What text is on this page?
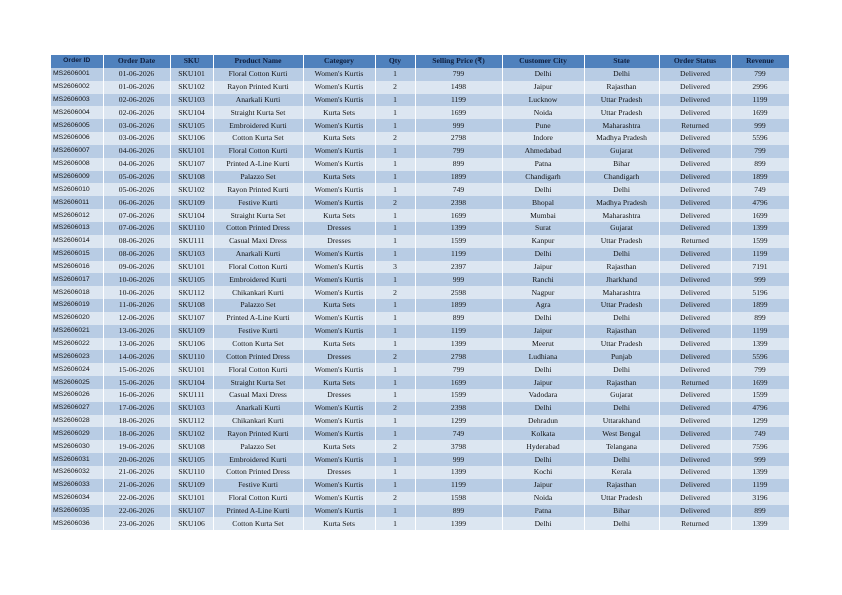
Order ID	Order Date	SKU	Product Name	Category	Qty	Selling Price (₹)	Customer City	State	Order Status	Revenue
MS2606001	01-06-2026	SKU101	Floral Cotton Kurti	Women's Kurtis	1	799	Delhi	Delhi	Delivered	799
MS2606002	01-06-2026	SKU102	Rayon Printed Kurti	Women's Kurtis	2	1498	Jaipur	Rajasthan	Delivered	2996
MS2606003	02-06-2026	SKU103	Anarkali Kurti	Women's Kurtis	1	1199	Lucknow	Uttar Pradesh	Delivered	1199
MS2606004	02-06-2026	SKU104	Straight Kurta Set	Kurta Sets	1	1699	Noida	Uttar Pradesh	Delivered	1699
MS2606005	03-06-2026	SKU105	Embroidered Kurti	Women's Kurtis	1	999	Pune	Maharashtra	Returned	999
MS2606006	03-06-2026	SKU106	Cotton Kurta Set	Kurta Sets	2	2798	Indore	Madhya Pradesh	Delivered	5596
MS2606007	04-06-2026	SKU101	Floral Cotton Kurti	Women's Kurtis	1	799	Ahmedabad	Gujarat	Delivered	799
MS2606008	04-06-2026	SKU107	Printed A-Line Kurti	Women's Kurtis	1	899	Patna	Bihar	Delivered	899
MS2606009	05-06-2026	SKU108	Palazzo Set	Kurta Sets	1	1899	Chandigarh	Chandigarh	Delivered	1899
MS2606010	05-06-2026	SKU102	Rayon Printed Kurti	Women's Kurtis	1	749	Delhi	Delhi	Delivered	749
MS2606011	06-06-2026	SKU109	Festive Kurti	Women's Kurtis	2	2398	Bhopal	Madhya Pradesh	Delivered	4796
MS2606012	07-06-2026	SKU104	Straight Kurta Set	Kurta Sets	1	1699	Mumbai	Maharashtra	Delivered	1699
MS2606013	07-06-2026	SKU110	Cotton Printed Dress	Dresses	1	1399	Surat	Gujarat	Delivered	1399
MS2606014	08-06-2026	SKU111	Casual Maxi Dress	Dresses	1	1599	Kanpur	Uttar Pradesh	Returned	1599
MS2606015	08-06-2026	SKU103	Anarkali Kurti	Women's Kurtis	1	1199	Delhi	Delhi	Delivered	1199
MS2606016	09-06-2026	SKU101	Floral Cotton Kurti	Women's Kurtis	3	2397	Jaipur	Rajasthan	Delivered	7191
MS2606017	10-06-2026	SKU105	Embroidered Kurti	Women's Kurtis	1	999	Ranchi	Jharkhand	Delivered	999
MS2606018	10-06-2026	SKU112	Chikankari Kurti	Women's Kurtis	2	2598	Nagpur	Maharashtra	Delivered	5196
MS2606019	11-06-2026	SKU108	Palazzo Set	Kurta Sets	1	1899	Agra	Uttar Pradesh	Delivered	1899
MS2606020	12-06-2026	SKU107	Printed A-Line Kurti	Women's Kurtis	1	899	Delhi	Delhi	Delivered	899
MS2606021	13-06-2026	SKU109	Festive Kurti	Women's Kurtis	1	1199	Jaipur	Rajasthan	Delivered	1199
MS2606022	13-06-2026	SKU106	Cotton Kurta Set	Kurta Sets	1	1399	Meerut	Uttar Pradesh	Delivered	1399
MS2606023	14-06-2026	SKU110	Cotton Printed Dress	Dresses	2	2798	Ludhiana	Punjab	Delivered	5596
MS2606024	15-06-2026	SKU101	Floral Cotton Kurti	Women's Kurtis	1	799	Delhi	Delhi	Delivered	799
MS2606025	15-06-2026	SKU104	Straight Kurta Set	Kurta Sets	1	1699	Jaipur	Rajasthan	Returned	1699
MS2606026	16-06-2026	SKU111	Casual Maxi Dress	Dresses	1	1599	Vadodara	Gujarat	Delivered	1599
MS2606027	17-06-2026	SKU103	Anarkali Kurti	Women's Kurtis	2	2398	Delhi	Delhi	Delivered	4796
MS2606028	18-06-2026	SKU112	Chikankari Kurti	Women's Kurtis	1	1299	Dehradun	Uttarakhand	Delivered	1299
MS2606029	18-06-2026	SKU102	Rayon Printed Kurti	Women's Kurtis	1	749	Kolkata	West Bengal	Delivered	749
MS2606030	19-06-2026	SKU108	Palazzo Set	Kurta Sets	2	3798	Hyderabad	Telangana	Delivered	7596
MS2606031	20-06-2026	SKU105	Embroidered Kurti	Women's Kurtis	1	999	Delhi	Delhi	Delivered	999
MS2606032	21-06-2026	SKU110	Cotton Printed Dress	Dresses	1	1399	Kochi	Kerala	Delivered	1399
MS2606033	21-06-2026	SKU109	Festive Kurti	Women's Kurtis	1	1199	Jaipur	Rajasthan	Delivered	1199
MS2606034	22-06-2026	SKU101	Floral Cotton Kurti	Women's Kurtis	2	1598	Noida	Uttar Pradesh	Delivered	3196
MS2606035	22-06-2026	SKU107	Printed A-Line Kurti	Women's Kurtis	1	899	Patna	Bihar	Delivered	899
MS2606036	23-06-2026	SKU106	Cotton Kurta Set	Kurta Sets	1	1399	Delhi	Delhi	Returned	1399
